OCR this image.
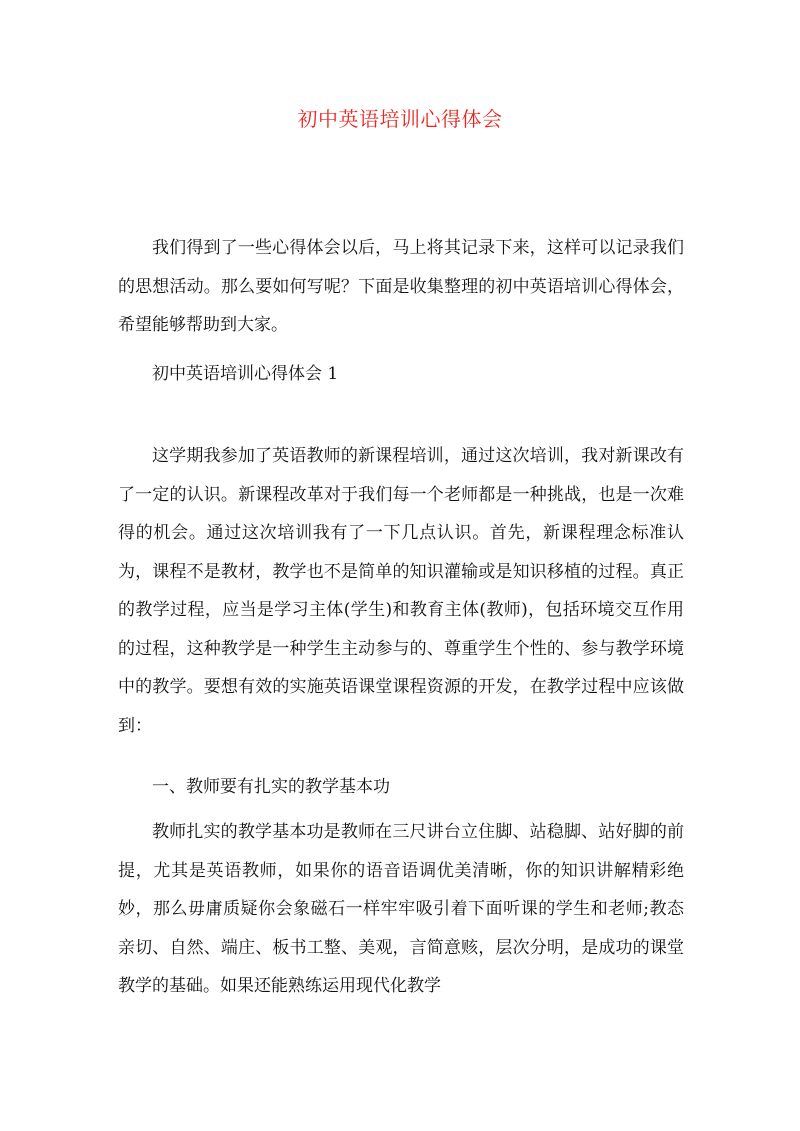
初中英语培训心得体会
我们得到了一些心得体会以后，马上将其记录下来，这样可以记录我们的思想活动。那么要如何写呢？下面是收集整理的初中英语培训心得体会，希望能够帮助到大家。
初中英语培训心得体会 1
这学期我参加了英语教师的新课程培训，通过这次培训，我对新课改有了一定的认识。新课程改革对于我们每一个老师都是一种挑战，也是一次难得的机会。通过这次培训我有了一下几点认识。首先，新课程理念标准认为，课程不是教材，教学也不是简单的知识灌输或是知识移植的过程。真正的教学过程，应当是学习主体(学生)和教育主体(教师)，包括环境交互作用的过程，这种教学是一种学生主动参与的、尊重学生个性的、参与教学环境中的教学。要想有效的实施英语课堂课程资源的开发，在教学过程中应该做到：
一、教师要有扎实的教学基本功
教师扎实的教学基本功是教师在三尺讲台立住脚、站稳脚、站好脚的前提，尤其是英语教师，如果你的语音语调优美清晰，你的知识讲解精彩绝妙，那么毋庸质疑你会象磁石一样牢牢吸引着下面听课的学生和老师;教态亲切、自然、端庄、板书工整、美观，言简意赅，层次分明，是成功的课堂教学的基础。如果还能熟练运用现代化教学
